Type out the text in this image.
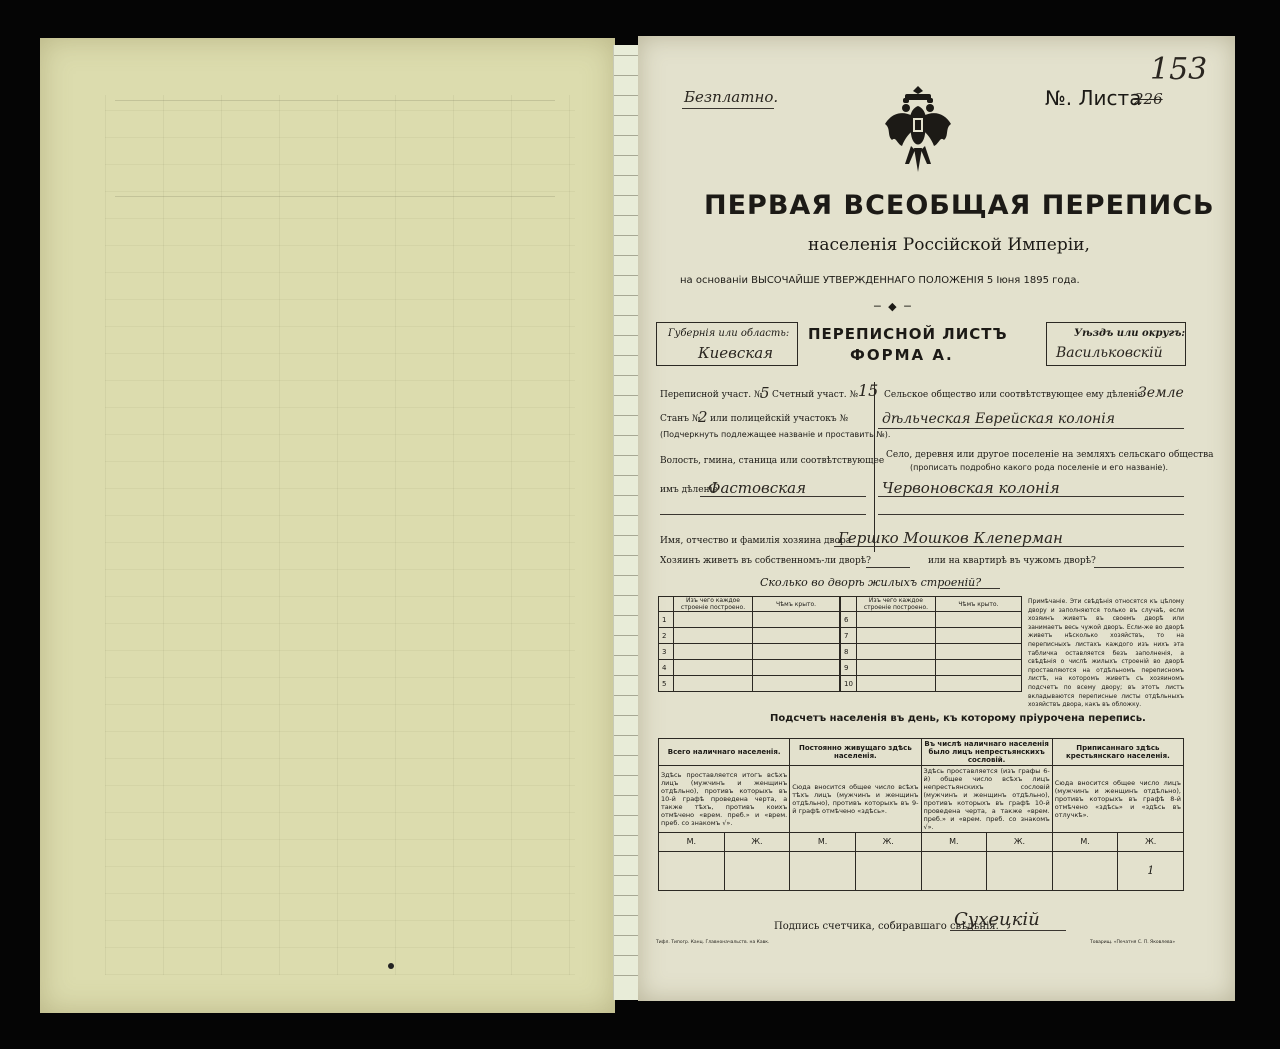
Безплатно.	№. Листа
226
153
ПЕРВАЯ ВСЕОБЩАЯ ПЕРЕПИСЬ
населенія Россійской Имперіи,
на основаніи ВЫСОЧАЙШЕ УТВЕРЖДЕННАГО ПОЛОЖЕНІЯ 5 Іюня 1895 года.
─ ◆ ─
Губернія или область:
Киевская
ПЕРЕПИСНОЙ ЛИСТЪ
ФОРМА А.
Уѣздъ или округъ:
Васильковскій
Переписной участ. №
5 Счетный участ. № 15
Станъ №
2 или полицейскій участокъ №
(Подчеркнуть подлежащее названіе и проставить №).
Волость, гмина, станица или соотвѣтствующее
имъ дѣленіе
Фастовская
Сельское общество или соотвѣтствующее ему дѣленіе
Земле
дѣльческая Еврейская колонія
Село, деревня или другое поселеніе на земляхъ сельскаго общества
(прописать подробно какого рода поселеніе и его названіе).
Червоновская колонія
Имя, отчество и фамилія хозяина двора
Гершко Мошков Клеперман
Хозяинъ живетъ въ собственномъ-ли дворѣ?	или на квартирѣ въ чужомъ дворѣ?
Сколько во дворѣ жилыхъ строеній?
	Изъ чего каждое строеніе построено.	Чѣмъ крыто.
1		
2		
3		
4		
5		
	Изъ чего каждое строеніе построено.	Чѣмъ крыто.
6		
7		
8		
9		
10		
Примѣчаніе. Эти свѣдѣнія относятся къ цѣлому двору и заполняются только въ случаѣ, если хозяинъ живетъ въ своемъ дворѣ или занимаетъ весь чужой дворъ. Если-же во дворѣ живетъ нѣсколько хозяйствъ, то на переписныхъ листахъ каждого изъ нихъ эта табличка оставляется безъ заполненія, а свѣдѣнія о числѣ жилыхъ строеній во дворѣ проставляются на отдѣльномъ переписномъ листѣ, на которомъ живетъ съ хозяиномъ подсчетъ по всему двору; въ этотъ листъ вкладываются переписные листы отдѣльныхъ хозяйствъ двора, какъ въ обложку.
Подсчетъ населенія въ день, къ которому пріурочена перепись.
Всего наличнаго населенія.		Постоянно живущаго здѣсь населенія.		Въ числѣ наличнаго населенія было лицъ непрестьянскихъ сословій.		Приписаннаго здѣсь крестьянскаго населенія.	
Здѣсь проставляется итогъ всѣхъ лицъ (мужчинъ и женщинъ отдѣльно), противъ которыхъ въ 10-й графѣ проведена черта, а также тѣхъ, противъ коихъ отмѣчено «врем. преб.» и «врем. преб. со знакомъ √».		Сюда вносится общее число всѣхъ тѣхъ лицъ (мужчинъ и женщинъ отдѣльно), противъ которыхъ въ 9-й графѣ отмѣчено «здѣсь».		Здѣсь проставляется (изъ графы 6-й) общее число всѣхъ лицъ непрестьянскихъ сословій (мужчинъ и женщинъ отдѣльно), противъ которыхъ въ графѣ 10-й проведена черта, а также «врем. преб.» и «врем. преб. со знакомъ √».		Сюда вносится общее число лицъ (мужчинъ и женщинъ отдѣльно), противъ которыхъ въ графѣ 8-й отмѣчено «здѣсь» и «здѣсь въ отлучкѣ».	
М.	Ж.	М.	Ж.	М.	Ж.	М.	Ж.
							1
Подпись счетчика, собиравшаго свѣдѣнія.
Сухецкій
Тифл. Типогр. Канц. Главноначальств. на Кавк.	Товарищ. «Печатня С. П. Яковлева»
